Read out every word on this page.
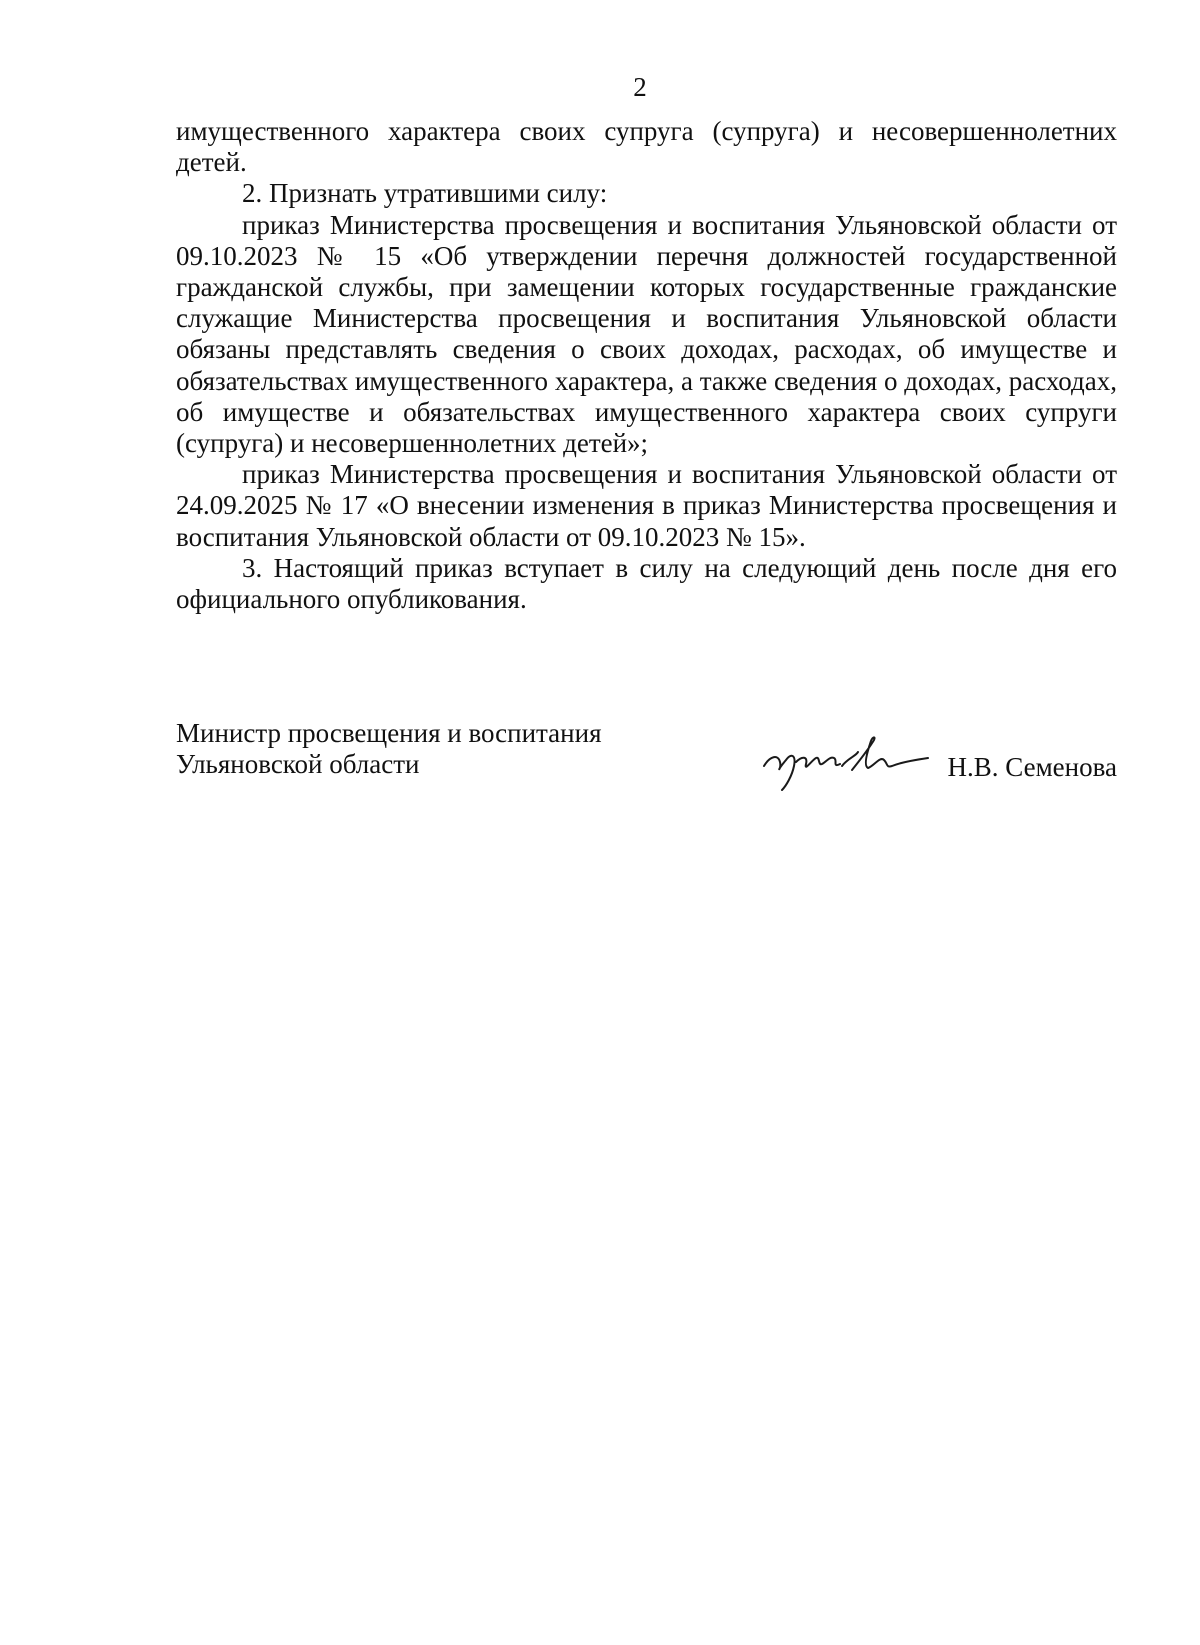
2

имущественного характера своих супруга (супруга) и несовершеннолетних детей.

2. Признать утратившими силу:

приказ Министерства просвещения и воспитания Ульяновской области от 09.10.2023 № 15 «Об утверждении перечня должностей государственной гражданской службы, при замещении которых государственные гражданские служащие Министерства просвещения и воспитания Ульяновской области обязаны представлять сведения о своих доходах, расходах, об имуществе и обязательствах имущественного характера, а также сведения о доходах, расходах, об имуществе и обязательствах имущественного характера своих супруги (супруга) и несовершеннолетних детей»;

приказ Министерства просвещения и воспитания Ульяновской области от 24.09.2025 № 17 «О внесении изменения в приказ Министерства просвещения и воспитания Ульяновской области от 09.10.2023 № 15».

3. Настоящий приказ вступает в силу на следующий день после дня его официального опубликования.

Министр просвещения и воспитания
Ульяновской области	Н.В. Семенова
